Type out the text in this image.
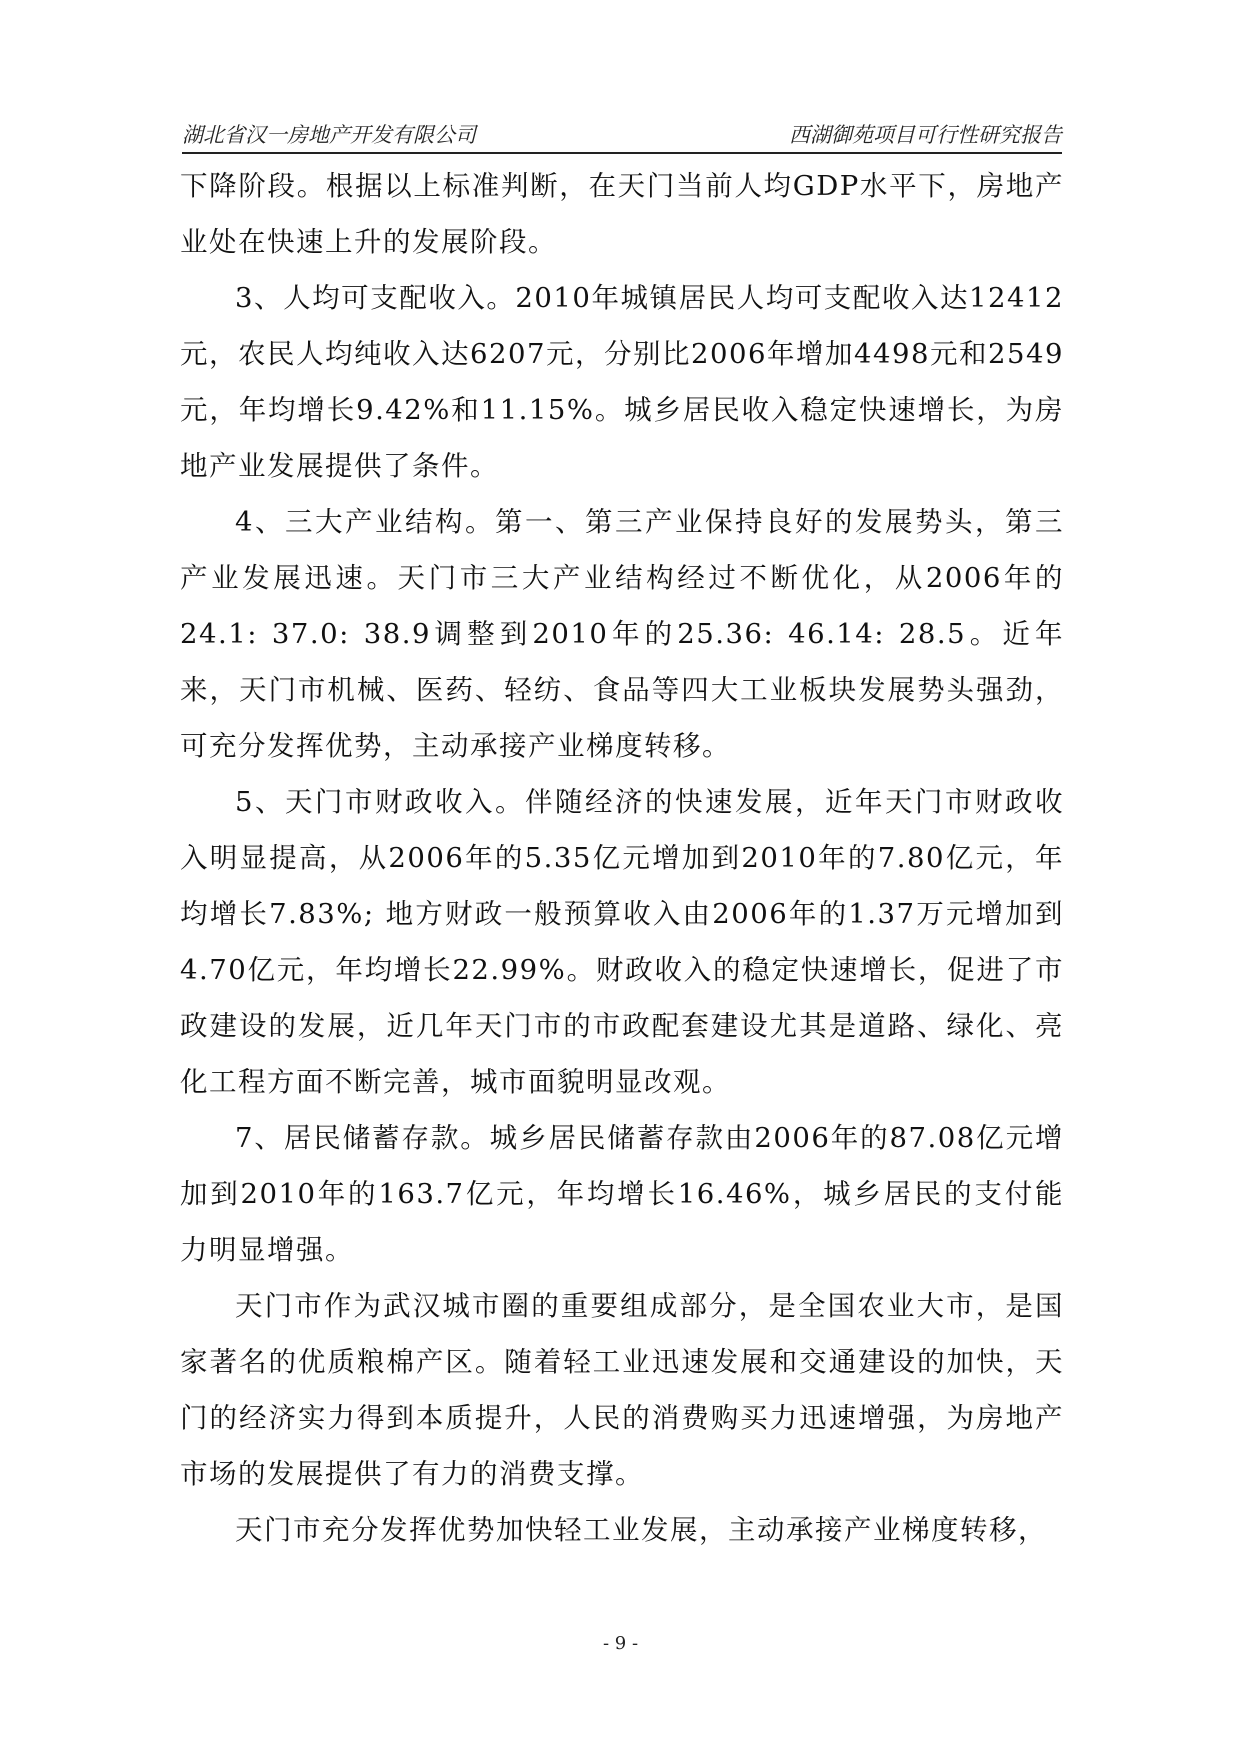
湖北省汉一房地产开发有限公司	西湖御苑项目可行性研究报告

下降阶段。根据以上标准判断，在天门当前人均GDP水平下，房地产业处在快速上升的发展阶段。

3、人均可支配收入。2010年城镇居民人均可支配收入达12412元，农民人均纯收入达6207元，分别比2006年增加4498元和2549元，年均增长9.42%和11.15%。城乡居民收入稳定快速增长，为房地产业发展提供了条件。

4、三大产业结构。第一、第三产业保持良好的发展势头，第三产业发展迅速。天门市三大产业结构经过不断优化，从2006年的24.1: 37.0: 38.9调整到2010年的25.36: 46.14: 28.5。近年来，天门市机械、医药、轻纺、食品等四大工业板块发展势头强劲，可充分发挥优势，主动承接产业梯度转移。

5、天门市财政收入。伴随经济的快速发展，近年天门市财政收入明显提高，从2006年的5.35亿元增加到2010年的7.80亿元，年均增长7.83%; 地方财政一般预算收入由2006年的1.37万元增加到4.70亿元，年均增长22.99%。财政收入的稳定快速增长，促进了市政建设的发展，近几年天门市的市政配套建设尤其是道路、绿化、亮化工程方面不断完善，城市面貌明显改观。

7、居民储蓄存款。城乡居民储蓄存款由2006年的87.08亿元增加到2010年的163.7亿元，年均增长16.46%，城乡居民的支付能力明显增强。

天门市作为武汉城市圈的重要组成部分，是全国农业大市，是国家著名的优质粮棉产区。随着轻工业迅速发展和交通建设的加快，天门的经济实力得到本质提升，人民的消费购买力迅速增强，为房地产市场的发展提供了有力的消费支撑。

天门市充分发挥优势加快轻工业发展，主动承接产业梯度转移，

- 9 -
